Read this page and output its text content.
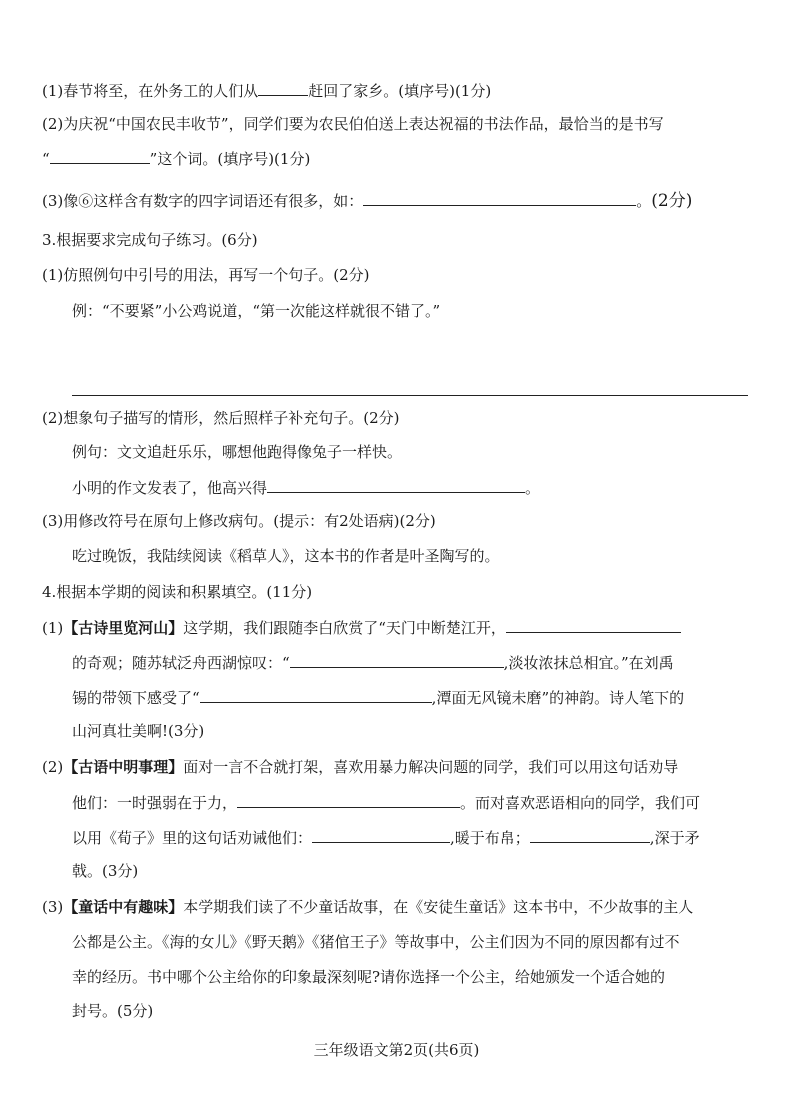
(1)春节将至，在外务工的人们从	赶回了家乡。(填序号)(1分)
(2)为庆祝“中国农民丰收节”，同学们要为农民伯伯送上表达祝福的书法作品，最恰当的是书写
“	”这个词。(填序号)(1分)
(3)像⑥这样含有数字的四字词语还有很多，如：	。(2分)
3.根据要求完成句子练习。(6分)
(1)仿照例句中引号的用法，再写一个句子。(2分)
例：“不要紧”小公鸡说道，“第一次能这样就很不错了。”
(2)想象句子描写的情形，然后照样子补充句子。(2分)
例句：文文追赶乐乐，哪想他跑得像兔子一样快。
小明的作文发表了，他高兴得	。
(3)用修改符号在原句上修改病句。(提示：有2处语病)(2分)
吃过晚饭，我陆续阅读《稻草人》，这本书的作者是叶圣陶写的。
4.根据本学期的阅读和积累填空。(11分)
(1)【古诗里览河山】这学期，我们跟随李白欣赏了“天门中断楚江开，
的奇观；随苏轼泛舟西湖惊叹：“	,淡妆浓抹总相宜。”在刘禹
锡的带领下感受了“	,潭面无风镜未磨”的神韵。诗人笔下的
山河真壮美啊!(3分)
(2)【古语中明事理】面对一言不合就打架，喜欢用暴力解决问题的同学，我们可以用这句话劝导
他们：一时强弱在于力，	。而对喜欢恶语相向的同学，我们可
以用《荀子》里的这句话劝诫他们：	,暖于布帛；	,深于矛
戟。(3分)
(3)【童话中有趣味】本学期我们读了不少童话故事，在《安徒生童话》这本书中，不少故事的主人
公都是公主。《海的女儿》《野天鹅》《猪倌王子》等故事中，公主们因为不同的原因都有过不
幸的经历。书中哪个公主给你的印象最深刻呢?请你选择一个公主，给她颁发一个适合她的
封号。(5分)
三年级语文第2页(共6页)
